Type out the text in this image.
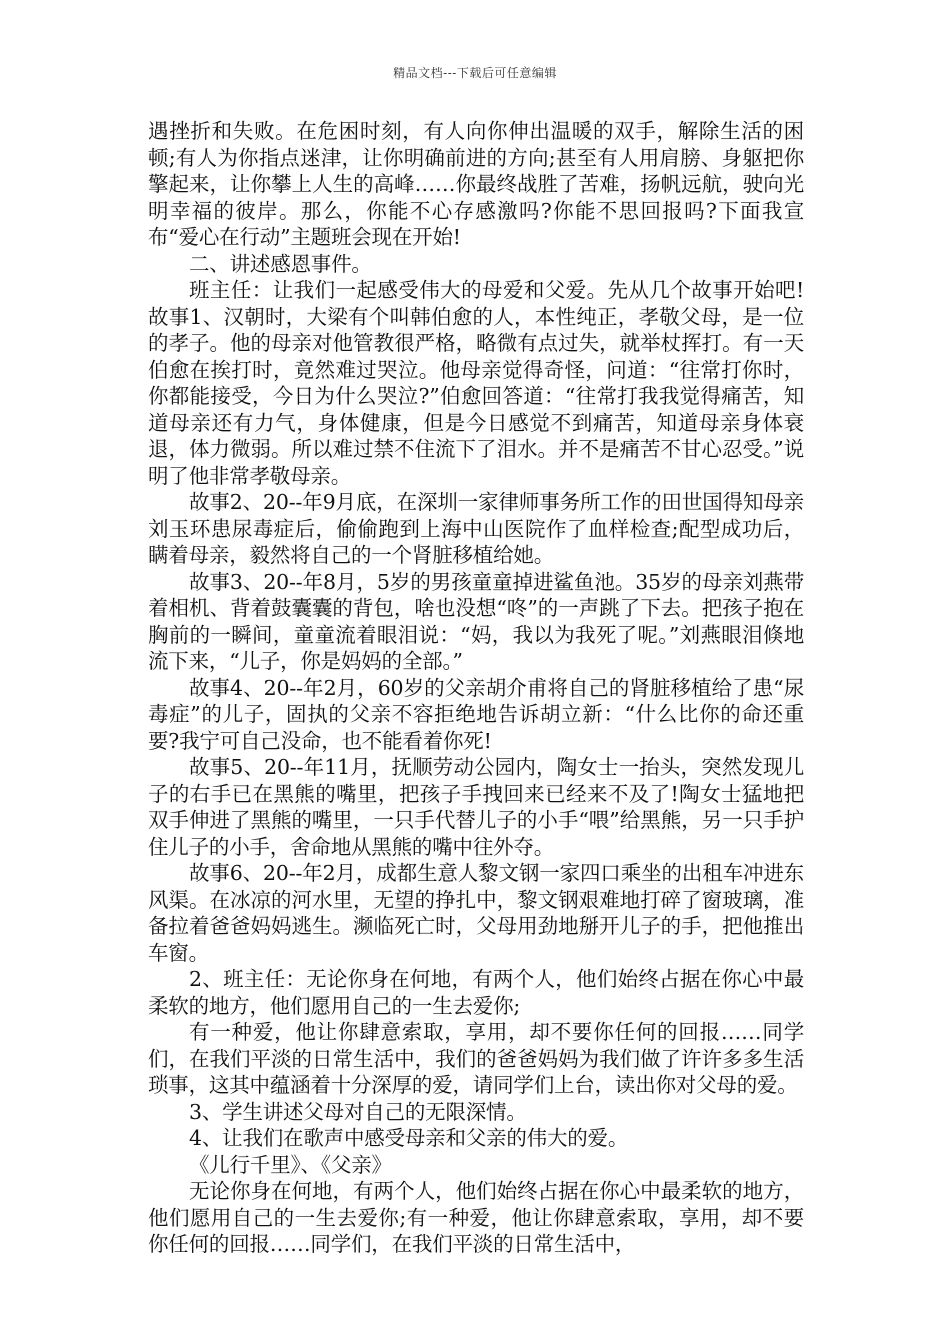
精品文档---下载后可任意编辑

遇挫折和失败。在危困时刻，有人向你伸出温暖的双手，解除生活的困顿;有人为你指点迷津，让你明确前进的方向;甚至有人用肩膀、身躯把你擎起来，让你攀上人生的高峰……你最终战胜了苦难，扬帆远航，驶向光明幸福的彼岸。那么，你能不心存感激吗?你能不思回报吗?下面我宣布“爱心在行动”主题班会现在开始!

二、讲述感恩事件。

班主任：让我们一起感受伟大的母爱和父爱。先从几个故事开始吧!故事1、汉朝时，大梁有个叫韩伯愈的人，本性纯正，孝敬父母，是一位的孝子。他的母亲对他管教很严格，略微有点过失，就举杖挥打。有一天伯愈在挨打时，竟然难过哭泣。他母亲觉得奇怪，问道：“往常打你时，你都能接受，今日为什么哭泣?”伯愈回答道：“往常打我我觉得痛苦，知道母亲还有力气，身体健康，但是今日感觉不到痛苦，知道母亲身体衰退，体力微弱。所以难过禁不住流下了泪水。并不是痛苦不甘心忍受。”说明了他非常孝敬母亲。

故事2、20--年9月底，在深圳一家律师事务所工作的田世国得知母亲刘玉环患尿毒症后，偷偷跑到上海中山医院作了血样检查;配型成功后，瞒着母亲，毅然将自己的一个肾脏移植给她。

故事3、20--年8月，5岁的男孩童童掉进鲨鱼池。35岁的母亲刘燕带着相机、背着鼓囊囊的背包，啥也没想“咚”的一声跳了下去。把孩子抱在胸前的一瞬间，童童流着眼泪说：“妈，我以为我死了呢。”刘燕眼泪倏地流下来，“儿子，你是妈妈的全部。”

故事4、20--年2月，60岁的父亲胡介甫将自己的肾脏移植给了患“尿毒症”的儿子，固执的父亲不容拒绝地告诉胡立新：“什么比你的命还重要?我宁可自己没命，也不能看着你死!

故事5、20--年11月，抚顺劳动公园内，陶女士一抬头，突然发现儿子的右手已在黑熊的嘴里，把孩子手拽回来已经来不及了!陶女士猛地把双手伸进了黑熊的嘴里，一只手代替儿子的小手“喂”给黑熊，另一只手护住儿子的小手，舍命地从黑熊的嘴中往外夺。

故事6、20--年2月，成都生意人黎文钢一家四口乘坐的出租车冲进东风渠。在冰凉的河水里，无望的挣扎中，黎文钢艰难地打碎了窗玻璃，准备拉着爸爸妈妈逃生。濒临死亡时，父母用劲地掰开儿子的手，把他推出车窗。

2、班主任：无论你身在何地，有两个人，他们始终占据在你心中最柔软的地方，他们愿用自己的一生去爱你;

有一种爱，他让你肆意索取，享用，却不要你任何的回报……同学们，在我们平淡的日常生活中，我们的爸爸妈妈为我们做了许许多多生活琐事，这其中蕴涵着十分深厚的爱，请同学们上台，读出你对父母的爱。

3、学生讲述父母对自己的无限深情。

4、让我们在歌声中感受母亲和父亲的伟大的爱。

《儿行千里》、《父亲》

无论你身在何地，有两个人，他们始终占据在你心中最柔软的地方，他们愿用自己的一生去爱你;有一种爱，他让你肆意索取，享用，却不要你任何的回报……同学们，在我们平淡的日常生活中，
